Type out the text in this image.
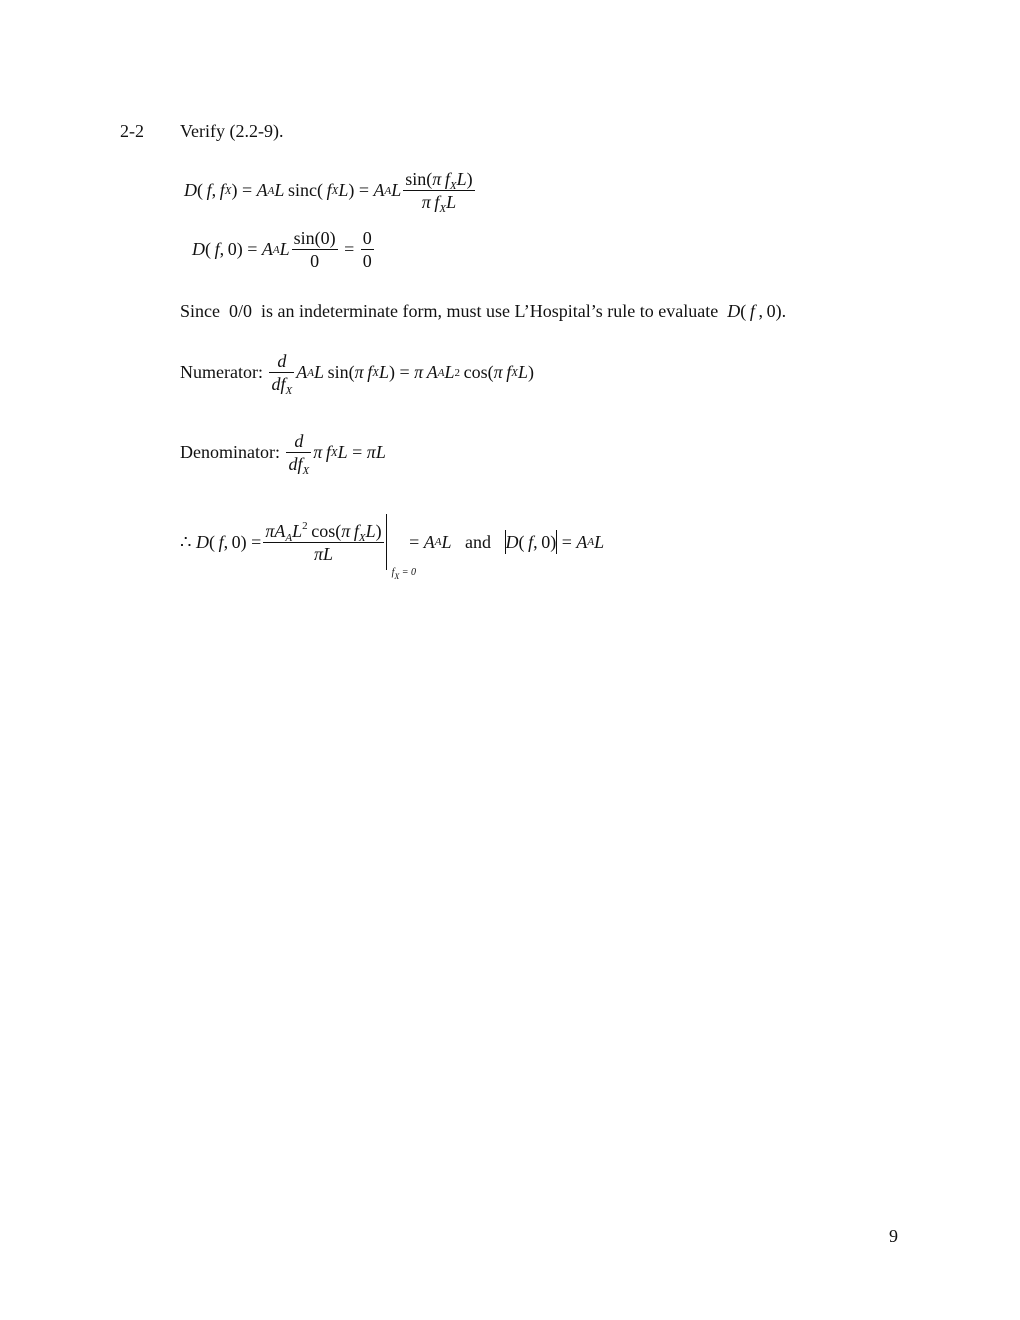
2-2 Verify (2.2-9).
D (  f ,  f X ) = A A L  sinc(  f X L ) = A A L $\frac{\sin(\pi f_XL)}{\pi f_XL}$
D (  f , 0) = A A L $\frac{\sin(0)}{0} = \frac{0}{0}$
Since  0/0  is an indeterminate form, must use L’Hospital’s rule to evaluate D( f , 0).
Numerator:
$\frac{d}{df_X}$ A A L  sin( π
  f X L ) = π
  A A L 2  cos( π
  f X L )
Denominator:
$\frac{d}{df_X}$ π
  f X L = π L
∴ D (  f , $0) = \frac{\pi A_AL^2 \cos(\pi f_XL)}{\pi L}$
$f_X = 0$
= A A L
and
D (  f , 0)
= A A L
9
